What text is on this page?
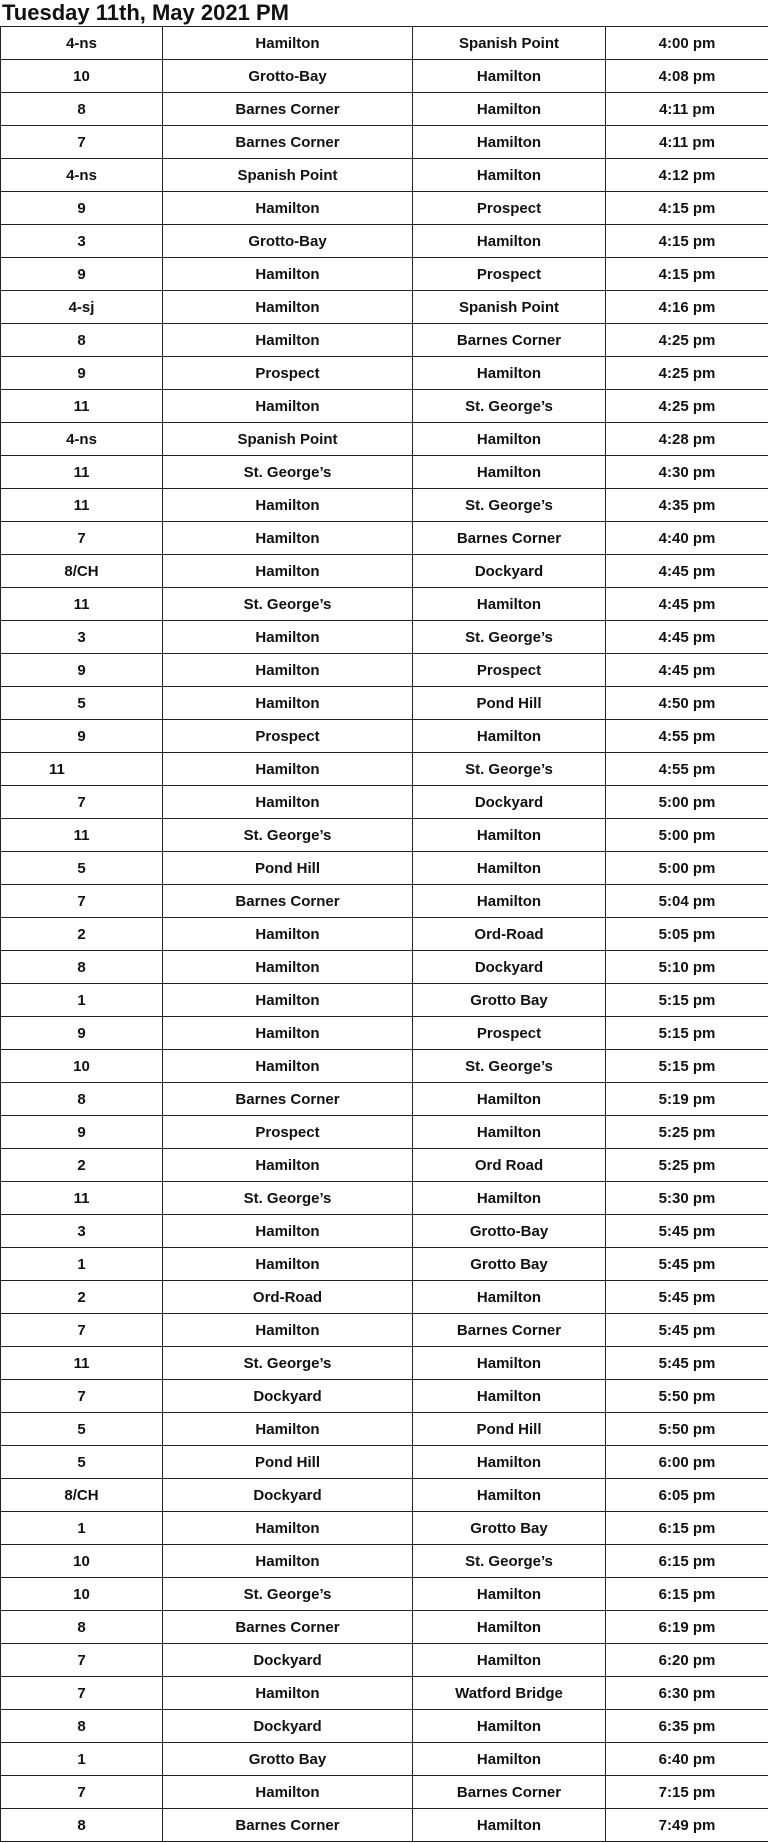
Tuesday 11th, May 2021 PM
4-ns	Hamilton	Spanish Point	4:00 pm
10	Grotto-Bay	Hamilton	4:08 pm
8	Barnes Corner	Hamilton	4:11 pm
7	Barnes Corner	Hamilton	4:11 pm
4-ns	Spanish Point	Hamilton	4:12 pm
9	Hamilton	Prospect	4:15 pm
3	Grotto-Bay	Hamilton	4:15 pm
9	Hamilton	Prospect	4:15 pm
4-sj	Hamilton	Spanish Point	4:16 pm
8	Hamilton	Barnes Corner	4:25 pm
9	Prospect	Hamilton	4:25 pm
11	Hamilton	St. George’s	4:25 pm
4-ns	Spanish Point	Hamilton	4:28 pm
11	St. George’s	Hamilton	4:30 pm
11	Hamilton	St. George’s	4:35 pm
7	Hamilton	Barnes Corner	4:40 pm
8/CH	Hamilton	Dockyard	4:45 pm
11	St. George’s	Hamilton	4:45 pm
3	Hamilton	St. George’s	4:45 pm
9	Hamilton	Prospect	4:45 pm
5	Hamilton	Pond Hill	4:50 pm
9	Prospect	Hamilton	4:55 pm
11	Hamilton	St. George’s	4:55 pm
7	Hamilton	Dockyard	5:00 pm
11	St. George’s	Hamilton	5:00 pm
5	Pond Hill	Hamilton	5:00 pm
7	Barnes Corner	Hamilton	5:04 pm
2	Hamilton	Ord-Road	5:05 pm
8	Hamilton	Dockyard	5:10 pm
1	Hamilton	Grotto Bay	5:15 pm
9	Hamilton	Prospect	5:15 pm
10	Hamilton	St. George’s	5:15 pm
8	Barnes Corner	Hamilton	5:19 pm
9	Prospect	Hamilton	5:25 pm
2	Hamilton	Ord Road	5:25 pm
11	St. George’s	Hamilton	5:30 pm
3	Hamilton	Grotto-Bay	5:45 pm
1	Hamilton	Grotto Bay	5:45 pm
2	Ord-Road	Hamilton	5:45 pm
7	Hamilton	Barnes Corner	5:45 pm
11	St. George’s	Hamilton	5:45 pm
7	Dockyard	Hamilton	5:50 pm
5	Hamilton	Pond Hill	5:50 pm
5	Pond Hill	Hamilton	6:00 pm
8/CH	Dockyard	Hamilton	6:05 pm
1	Hamilton	Grotto Bay	6:15 pm
10	Hamilton	St. George’s	6:15 pm
10	St. George’s	Hamilton	6:15 pm
8	Barnes Corner	Hamilton	6:19 pm
7	Dockyard	Hamilton	6:20 pm
7	Hamilton	Watford Bridge	6:30 pm
8	Dockyard	Hamilton	6:35 pm
1	Grotto Bay	Hamilton	6:40 pm
7	Hamilton	Barnes Corner	7:15 pm
8	Barnes Corner	Hamilton	7:49 pm
